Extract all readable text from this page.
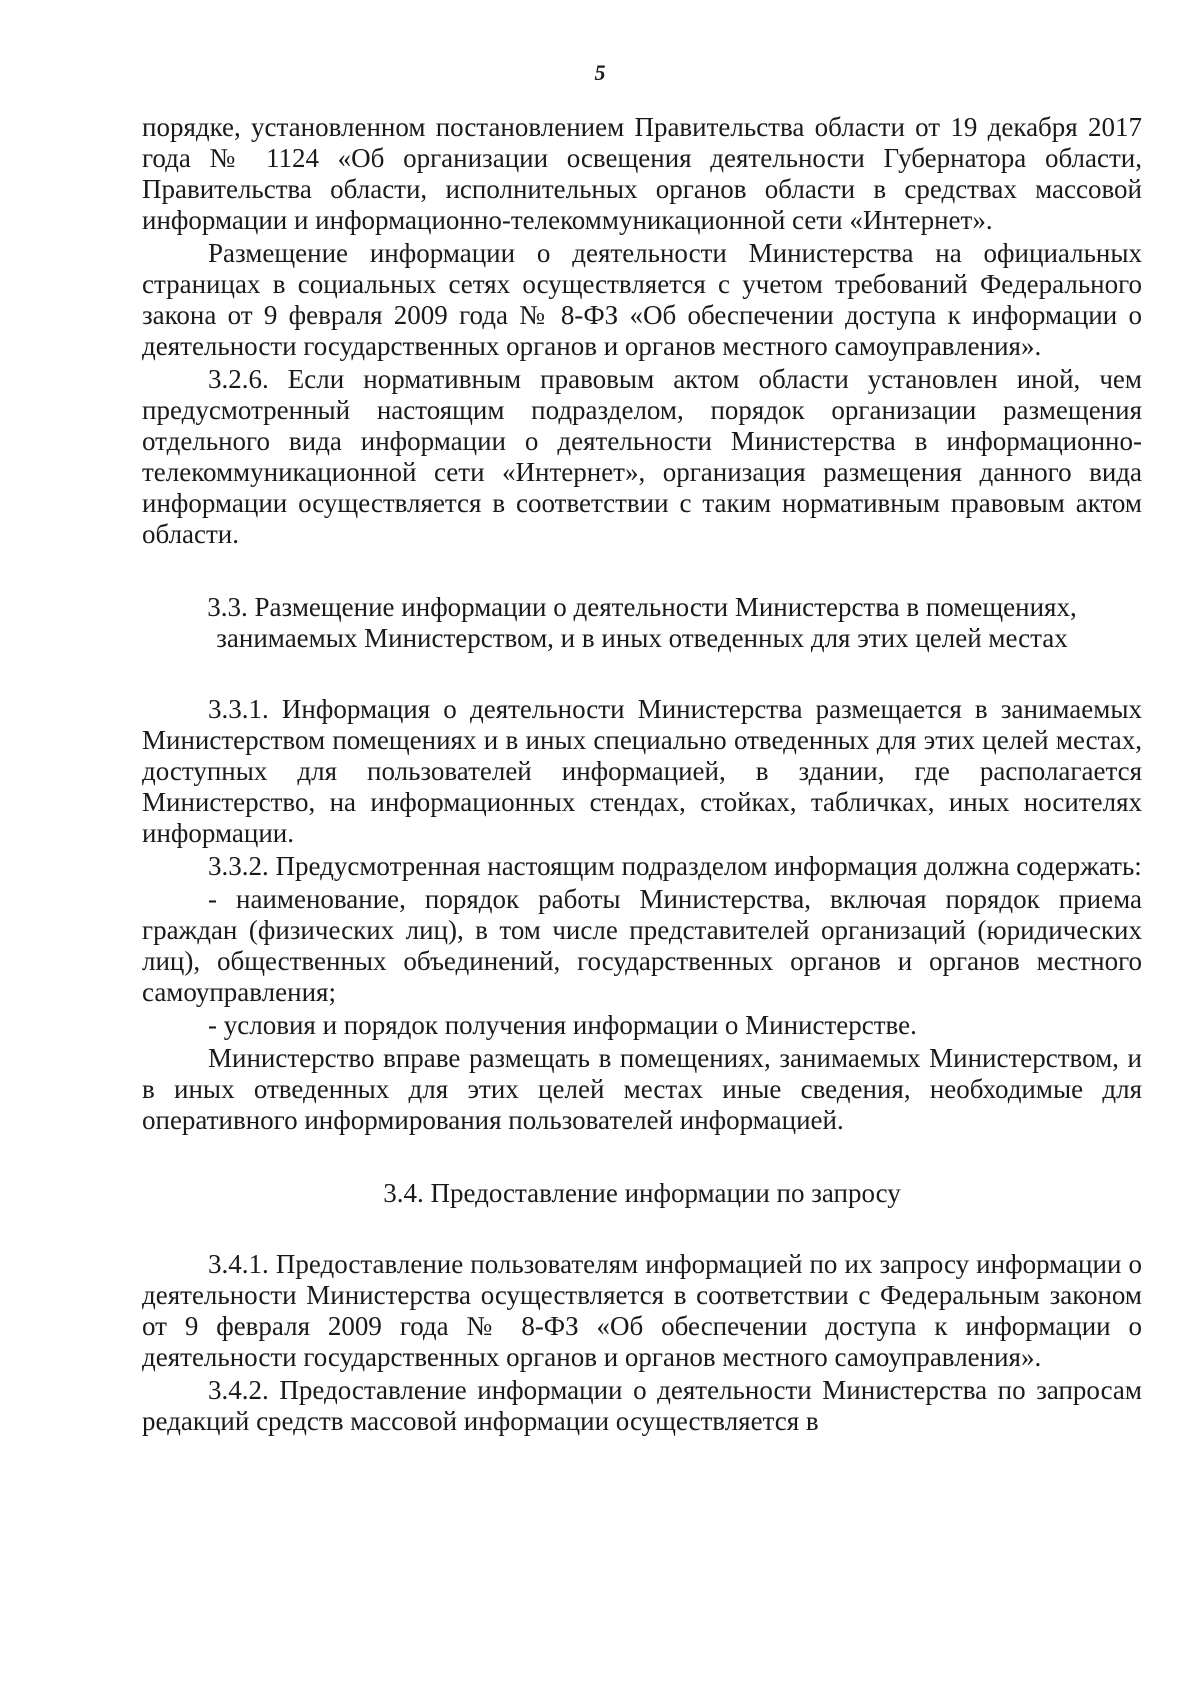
5

порядке, установленном постановлением Правительства области от 19 декабря 2017 года № 1124 «Об организации освещения деятельности Губернатора области, Правительства области, исполнительных органов области в средствах массовой информации и информационно-телекоммуникационной сети «Интернет».

Размещение информации о деятельности Министерства на официальных страницах в социальных сетях осуществляется с учетом требований Федерального закона от 9 февраля 2009 года № 8-ФЗ «Об обеспечении доступа к информации о деятельности государственных органов и органов местного самоуправления».

3.2.6. Если нормативным правовым актом области установлен иной, чем предусмотренный настоящим подразделом, порядок организации размещения отдельного вида информации о деятельности Министерства в информационно-телекоммуникационной сети «Интернет», организация размещения данного вида информации осуществляется в соответствии с таким нормативным правовым актом области.

3.3. Размещение информации о деятельности Министерства в помещениях, занимаемых Министерством, и в иных отведенных для этих целей местах

3.3.1. Информация о деятельности Министерства размещается в занимаемых Министерством помещениях и в иных специально отведенных для этих целей местах, доступных для пользователей информацией, в здании, где располагается Министерство, на информационных стендах, стойках, табличках, иных носителях информации.

3.3.2. Предусмотренная настоящим подразделом информация должна содержать:

- наименование, порядок работы Министерства, включая порядок приема граждан (физических лиц), в том числе представителей организаций (юридических лиц), общественных объединений, государственных органов и органов местного самоуправления;

- условия и порядок получения информации о Министерстве.

Министерство вправе размещать в помещениях, занимаемых Министерством, и в иных отведенных для этих целей местах иные сведения, необходимые для оперативного информирования пользователей информацией.

3.4. Предоставление информации по запросу

3.4.1. Предоставление пользователям информацией по их запросу информации о деятельности Министерства осуществляется в соответствии с Федеральным законом от 9 февраля 2009 года № 8-ФЗ «Об обеспечении доступа к информации о деятельности государственных органов и органов местного самоуправления».

3.4.2. Предоставление информации о деятельности Министерства по запросам редакций средств массовой информации осуществляется в
